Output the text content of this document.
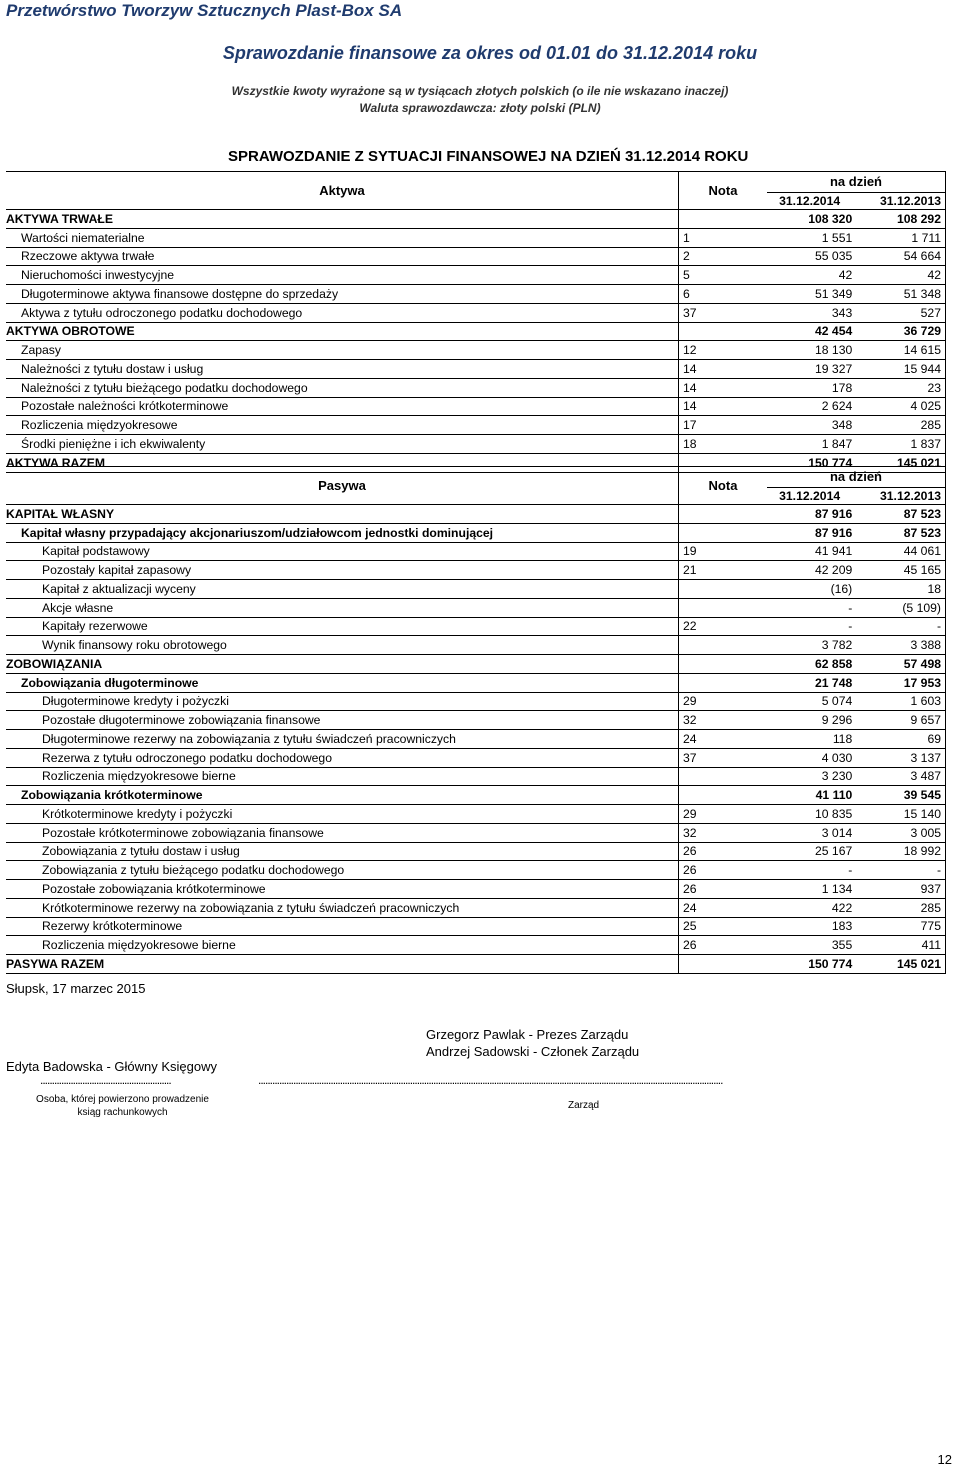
Przetwórstwo Tworzyw Sztucznych Plast-Box SA
Sprawozdanie finansowe za okres od 01.01 do 31.12.2014 roku
Wszystkie kwoty wyrażone są w tysiącach złotych polskich (o ile nie wskazano inaczej)
Waluta sprawozdawcza: złoty polski (PLN)
SPRAWOZDANIE Z SYTUACJI FINANSOWEJ NA DZIEŃ 31.12.2014 ROKU
Aktywa	Nota	na dzień	
		31.12.2014	31.12.2013
AKTYWA TRWAŁE		108 320	108 292
Wartości niematerialne	1	1 551	1 711
Rzeczowe aktywa trwałe	2	55 035	54 664
Nieruchomości inwestycyjne	5	42	42
Długoterminowe aktywa finansowe dostępne do sprzedaży	6	51 349	51 348
Aktywa z tytułu odroczonego podatku dochodowego	37	343	527
AKTYWA OBROTOWE		42 454	36 729
Zapasy	12	18 130	14 615
Należności z tytułu dostaw i usług	14	19 327	15 944
Należności z tytułu bieżącego podatku dochodowego	14	178	23
Pozostałe należności krótkoterminowe	14	2 624	4 025
Rozliczenia międzyokresowe	17	348	285
Środki pieniężne i ich ekwiwalenty	18	1 847	1 837
AKTYWA RAZEM		150 774	145 021
Pasywa	Nota	na dzień	
		31.12.2014	31.12.2013
KAPITAŁ WŁASNY		87 916	87 523
Kapitał własny przypadający akcjonariuszom/udziałowcom jednostki dominującej		87 916	87 523
Kapitał podstawowy	19	41 941	44 061
Pozostały kapitał zapasowy	21	42 209	45 165
Kapitał z aktualizacji wyceny		(16)	18
Akcje własne		-	(5 109)
Kapitały rezerwowe	22	-	-
Wynik finansowy roku obrotowego		3 782	3 388
ZOBOWIĄZANIA		62 858	57 498
Zobowiązania długoterminowe		21 748	17 953
Długoterminowe kredyty i pożyczki	29	5 074	1 603
Pozostałe długoterminowe zobowiązania finansowe	32	9 296	9 657
Długoterminowe rezerwy na zobowiązania z tytułu świadczeń pracowniczych	24	118	69
Rezerwa z tytułu odroczonego podatku dochodowego	37	4 030	3 137
Rozliczenia międzyokresowe bierne		3 230	3 487
Zobowiązania krótkoterminowe		41 110	39 545
Krótkoterminowe kredyty i pożyczki	29	10 835	15 140
Pozostałe krótkoterminowe zobowiązania finansowe	32	3 014	3 005
Zobowiązania z tytułu dostaw i usług	26	25 167	18 992
Zobowiązania z tytułu bieżącego podatku dochodowego	26	-	-
Pozostałe zobowiązania krótkoterminowe	26	1 134	937
Krótkoterminowe rezerwy na zobowiązania z tytułu świadczeń pracowniczych	24	422	285
Rezerwy krótkoterminowe	25	183	775
Rozliczenia międzyokresowe bierne	26	355	411
PASYWA RAZEM		150 774	145 021
Słupsk, 17 marzec 2015
Grzegorz Pawlak - Prezes Zarządu
Andrzej Sadowski - Członek Zarządu
Edyta Badowska - Główny Księgowy
........................................................	.......................................................................................................................................................................................................
Osoba, której powierzono prowadzenie ksiąg rachunkowych
Zarząd
12
